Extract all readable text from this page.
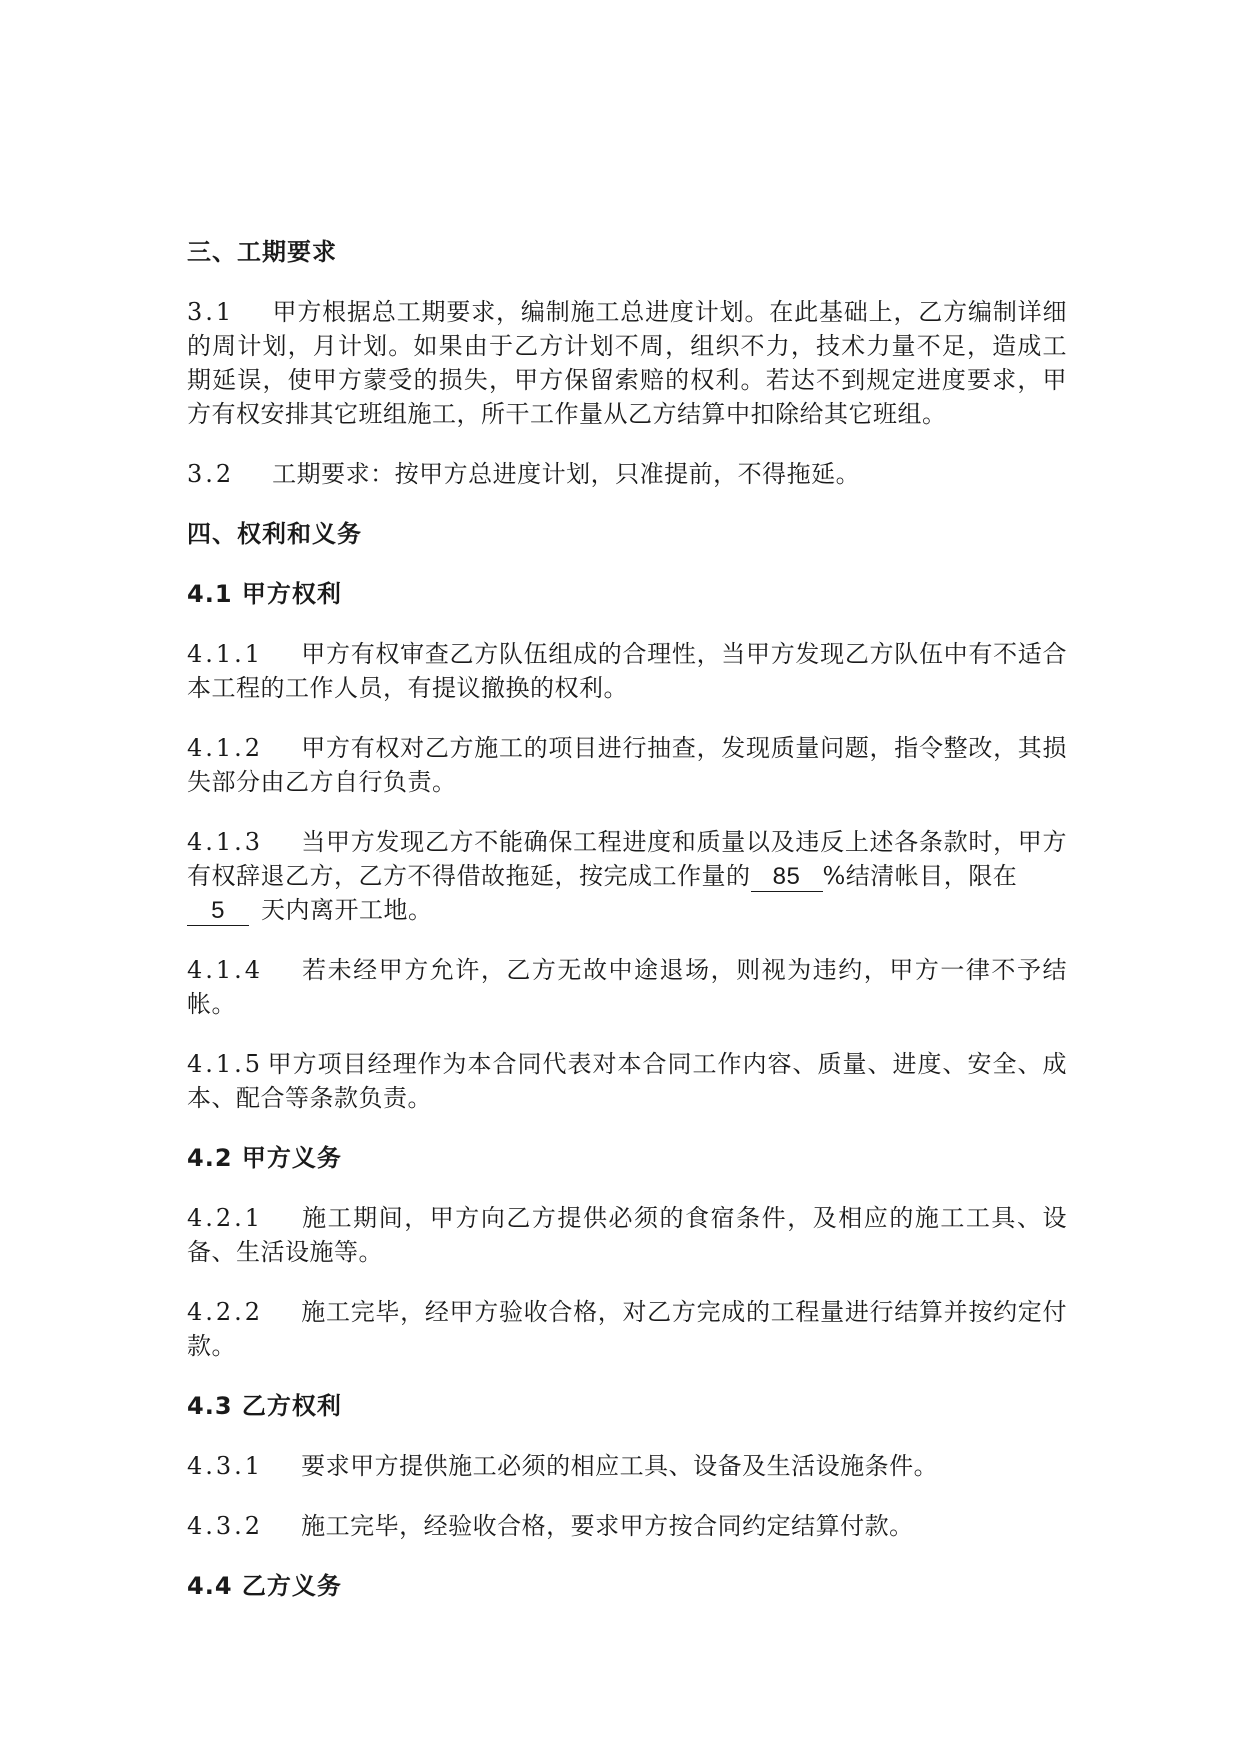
三、工期要求

3.1 甲方根据总工期要求，编制施工总进度计划。在此基础上，乙方编制详细的周计划，月计划。如果由于乙方计划不周，组织不力，技术力量不足，造成工期延误，使甲方蒙受的损失，甲方保留索赔的权利。若达不到规定进度要求，甲方有权安排其它班组施工，所干工作量从乙方结算中扣除给其它班组。

3.2 工期要求：按甲方总进度计划，只准提前，不得拖延。

四、权利和义务
4.1 甲方权利

4.1.1 甲方有权审查乙方队伍组成的合理性，当甲方发现乙方队伍中有不适合本工程的工作人员，有提议撤换的权利。

4.1.2 甲方有权对乙方施工的项目进行抽查，发现质量问题，指令整改，其损失部分由乙方自行负责。

4.1.3 当甲方发现乙方不能确保工程进度和质量以及违反上述各条款时，甲方有权辞退乙方，乙方不得借故拖延，按完成工作量的 85 %结清帐目，限在
5 天内离开工地。

4.1.4 若未经甲方允许，乙方无故中途退场，则视为违约，甲方一律不予结帐。

4.1.5 甲方项目经理作为本合同代表对本合同工作内容、质量、进度、安全、成本、配合等条款负责。

4.2 甲方义务

4.2.1 施工期间，甲方向乙方提供必须的食宿条件，及相应的施工工具、设备、生活设施等。

4.2.2 施工完毕，经甲方验收合格，对乙方完成的工程量进行结算并按约定付款。

4.3 乙方权利

4.3.1 要求甲方提供施工必须的相应工具、设备及生活设施条件。

4.3.2 施工完毕，经验收合格，要求甲方按合同约定结算付款。

4.4 乙方义务
